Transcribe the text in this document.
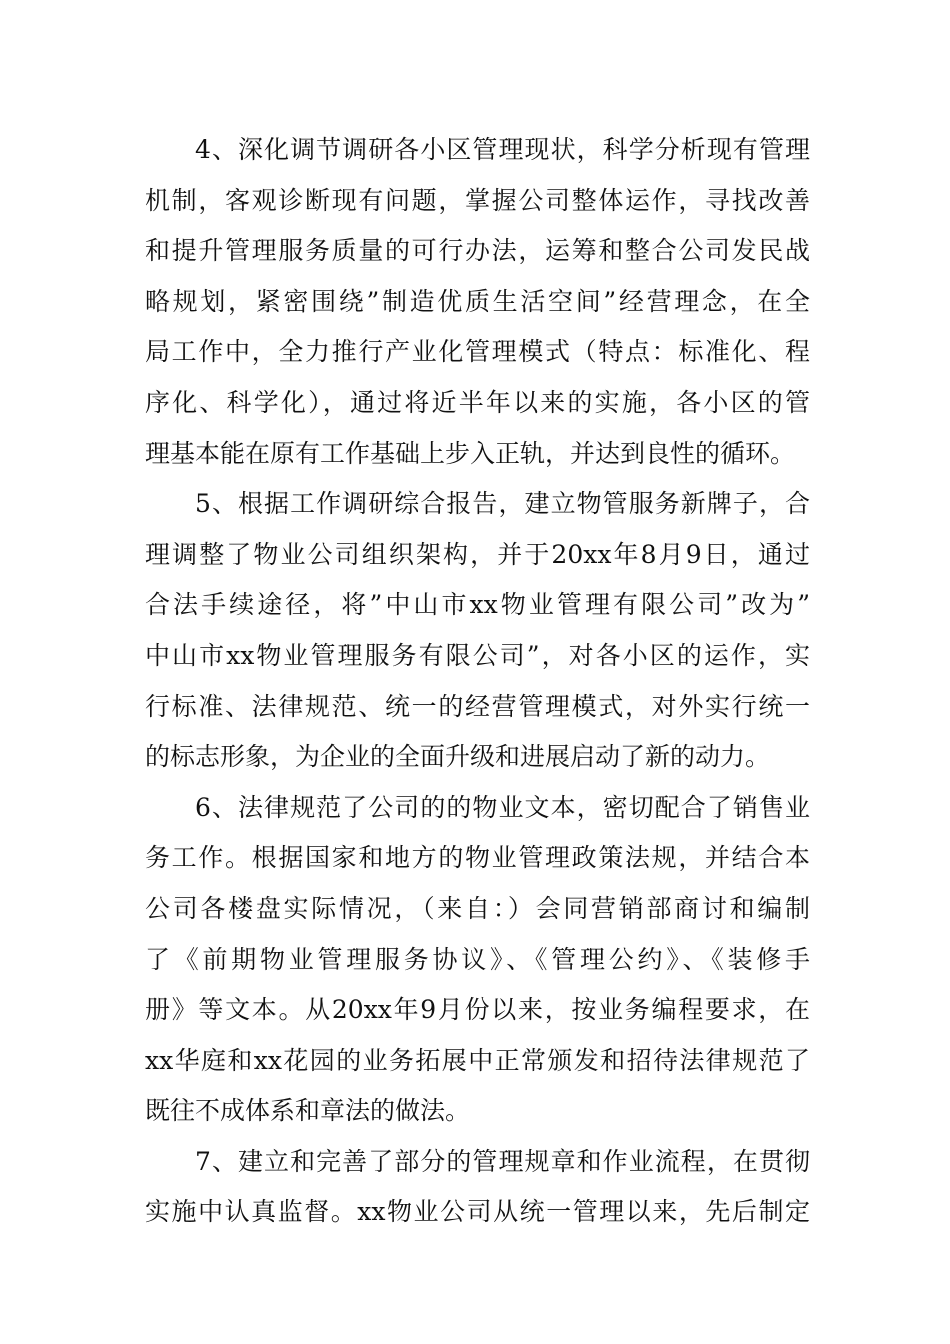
4、深化调节调研各小区管理现状，科学分析现有管理
机制，客观诊断现有问题，掌握公司整体运作，寻找改善
和提升管理服务质量的可行办法，运筹和整合公司发民战
略规划，紧密围绕”制造优质生活空间”经营理念，在全
局工作中，全力推行产业化管理模式（特点：标准化、程
序化、科学化），通过将近半年以来的实施，各小区的管
理基本能在原有工作基础上步入正轨，并达到良性的循环。
5、根据工作调研综合报告，建立物管服务新牌子，合
理调整了物业公司组织架构，并于20xx年8月9日，通过
合法手续途径，将”中山市xx物业管理有限公司”改为”
中山市xx物业管理服务有限公司”，对各小区的运作，实
行标准、法律规范、统一的经营管理模式，对外实行统一
的标志形象，为企业的全面升级和进展启动了新的动力。
6、法律规范了公司的的物业文本，密切配合了销售业
务工作。根据国家和地方的物业管理政策法规，并结合本
公司各楼盘实际情况，（来自：）会同营销部商讨和编制
了《前期物业管理服务协议》、《管理公约》、《装修手
册》等文本。从20xx年9月份以来，按业务编程要求，在
xx华庭和xx花园的业务拓展中正常颁发和招待法律规范了
既往不成体系和章法的做法。
7、建立和完善了部分的管理规章和作业流程，在贯彻
实施中认真监督。xx物业公司从统一管理以来，先后制定
